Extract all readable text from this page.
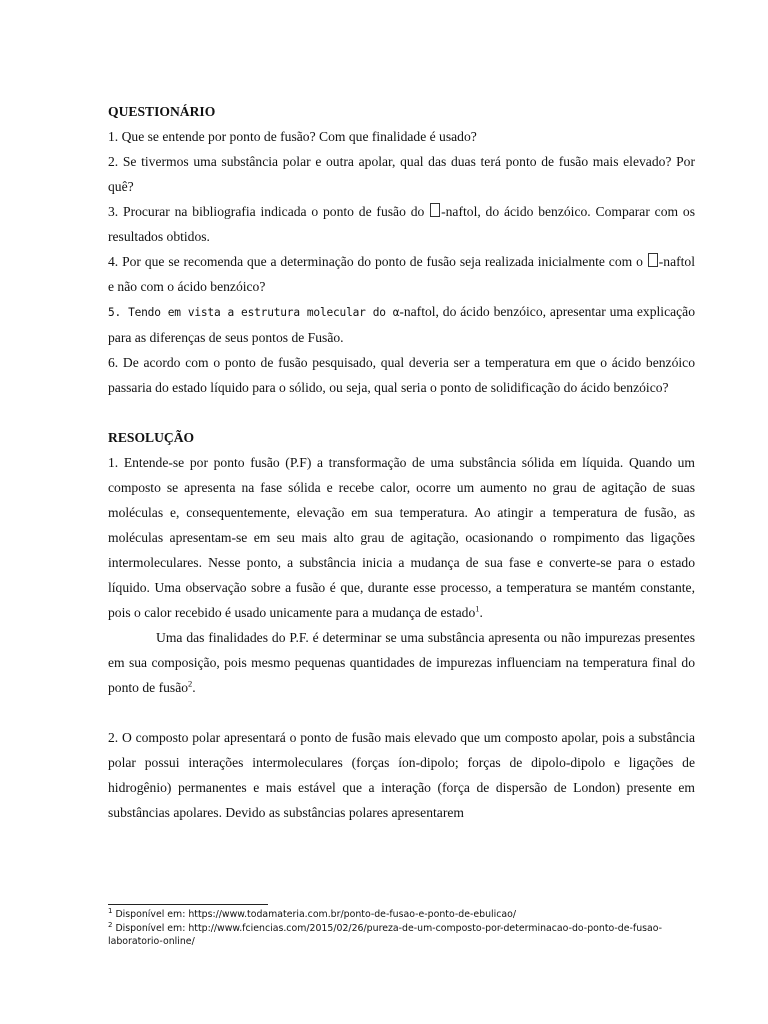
QUESTIONÁRIO

1. Que se entende por ponto de fusão? Com que finalidade é usado?

2. Se tivermos uma substância polar e outra apolar, qual das duas terá ponto de fusão mais elevado? Por quê?

3. Procurar na bibliografia indicada o ponto de fusão do -naftol, do ácido benzóico. Comparar com os resultados obtidos.

4. Por que se recomenda que a determinação do ponto de fusão seja realizada inicialmente com o -naftol e não com o ácido benzóico?

5. Tendo em vista a estrutura molecular do α-naftol, do ácido benzóico, apresentar uma explicação para as diferenças de seus pontos de Fusão.

6. De acordo com o ponto de fusão pesquisado, qual deveria ser a temperatura em que o ácido benzóico passaria do estado líquido para o sólido, ou seja, qual seria o ponto de solidificação do ácido benzóico?

RESOLUÇÃO

1. Entende-se por ponto fusão (P.F) a transformação de uma substância sólida em líquida. Quando um composto se apresenta na fase sólida e recebe calor, ocorre um aumento no grau de agitação de suas moléculas e, consequentemente, elevação em sua temperatura. Ao atingir a temperatura de fusão, as moléculas apresentam-se em seu mais alto grau de agitação, ocasionando o rompimento das ligações intermoleculares. Nesse ponto, a substância inicia a mudança de sua fase e converte-se para o estado líquido. Uma observação sobre a fusão é que, durante esse processo, a temperatura se mantém constante, pois o calor recebido é usado unicamente para a mudança de estado$^1$.

Uma das finalidades do P.F. é determinar se uma substância apresenta ou não impurezas presentes em sua composição, pois mesmo pequenas quantidades de impurezas influenciam na temperatura final do ponto de fusão$^2$.

2. O composto polar apresentará o ponto de fusão mais elevado que um composto apolar, pois a substância polar possui interações intermoleculares (forças íon-dipolo; forças de dipolo-dipolo e ligações de hidrogênio) permanentes e mais estável que a interação (força de dispersão de London) presente em substâncias apolares. Devido as substâncias polares apresentarem

$^1$ Disponível em: https://www.todamateria.com.br/ponto-de-fusao-e-ponto-de-ebulicao/

$^2$ Disponível em: http://www.fciencias.com/2015/02/26/pureza-de-um-composto-por-determinacao-do-ponto-de-fusao-laboratorio-online/
